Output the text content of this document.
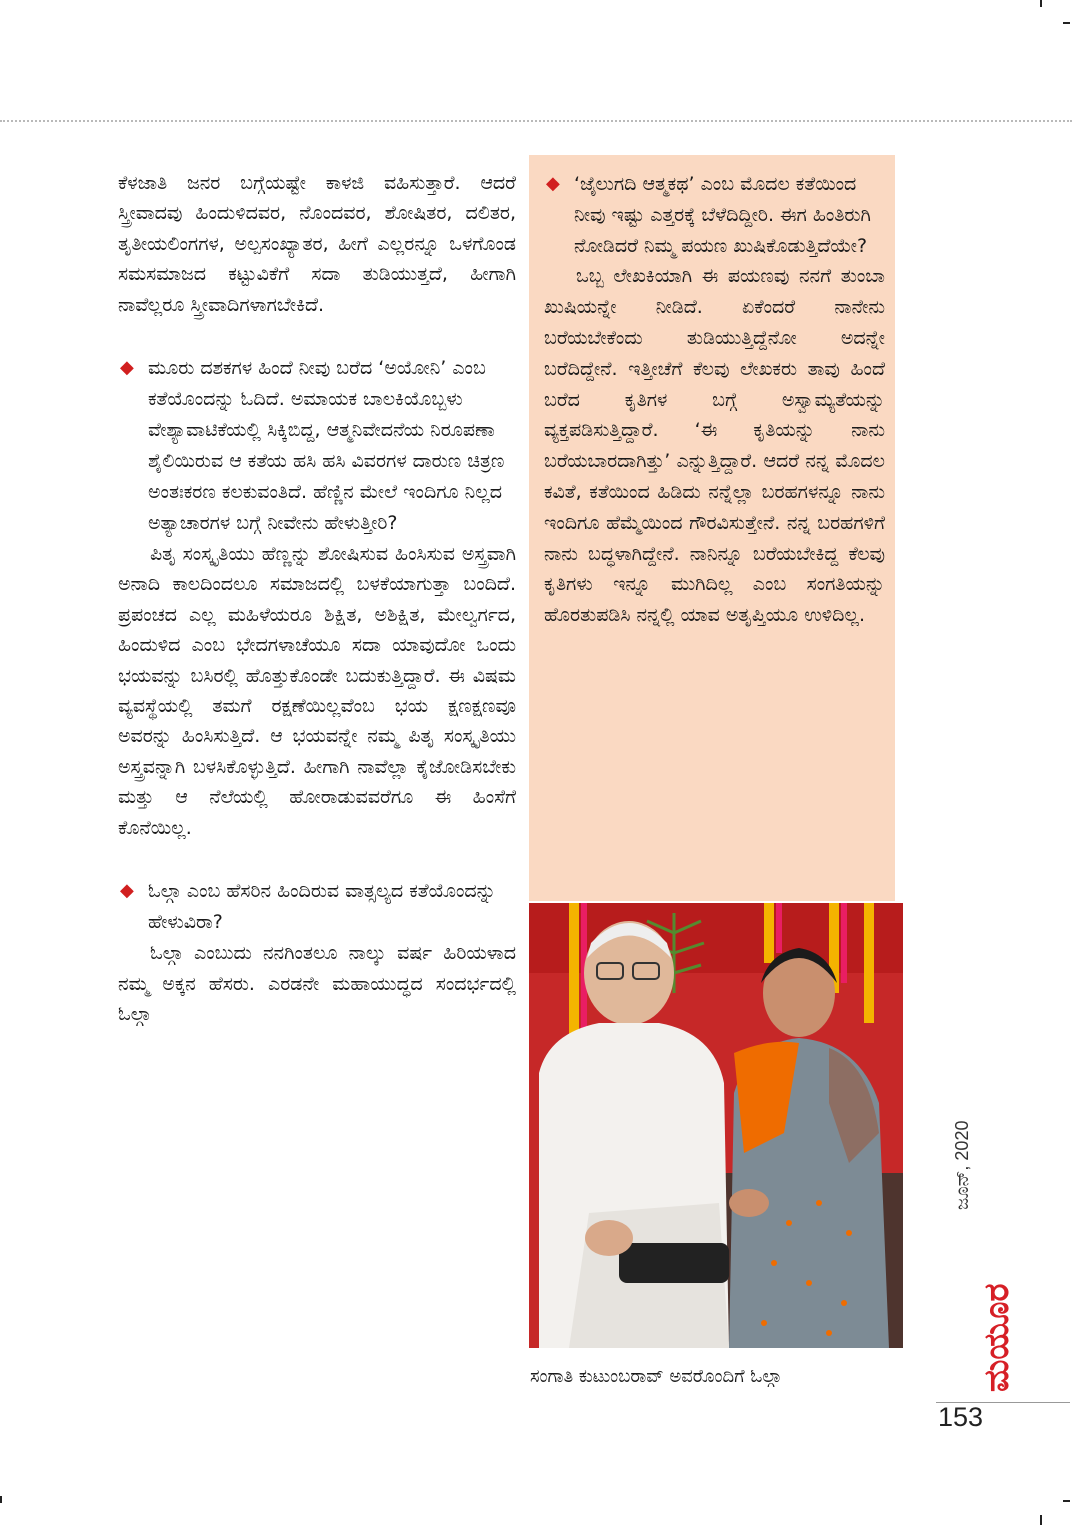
ಕೆಳಜಾತಿ ಜನರ ಬಗ್ಗೆಯಷ್ಟೇ ಕಾಳಜಿ ವಹಿಸುತ್ತಾರೆ. ಆದರೆ ಸ್ತ್ರೀವಾದವು ಹಿಂದುಳಿದವರ, ನೊಂದವರ, ಶೋಷಿತರ, ದಲಿತರ, ತೃತೀಯಲಿಂಗಗಳ, ಅಲ್ಪಸಂಖ್ಯಾತರ, ಹೀಗೆ ಎಲ್ಲರನ್ನೂ ಒಳಗೊಂಡ ಸಮಸಮಾಜದ ಕಟ್ಟುವಿಕೆಗೆ ಸದಾ ತುಡಿಯುತ್ತದೆ, ಹೀಗಾಗಿ ನಾವೆಲ್ಲರೂ ಸ್ತ್ರೀವಾದಿಗಳಾಗಬೇಕಿದೆ.

◆ ಮೂರು ದಶಕಗಳ ಹಿಂದೆ ನೀವು ಬರೆದ ‘ಅಯೋನಿ’ ಎಂಬ ಕತೆಯೊಂದನ್ನು ಓದಿದೆ. ಅಮಾಯಕ ಬಾಲಕಿಯೊಬ್ಬಳು ವೇಶ್ಯಾವಾಟಿಕೆಯಲ್ಲಿ ಸಿಕ್ಕಿಬಿದ್ದ, ಆತ್ಮನಿವೇದನೆಯ ನಿರೂಪಣಾ ಶೈಲಿಯಿರುವ ಆ ಕತೆಯ ಹಸಿ ಹಸಿ ವಿವರಗಳ ದಾರುಣ ಚಿತ್ರಣ ಅಂತಃಕರಣ ಕಲಕುವಂತಿದೆ. ಹೆಣ್ಣಿನ ಮೇಲೆ ಇಂದಿಗೂ ನಿಲ್ಲದ ಅತ್ಯಾಚಾರಗಳ ಬಗ್ಗೆ ನೀವೇನು ಹೇಳುತ್ತೀರಿ?

ಪಿತೃ ಸಂಸ್ಕೃತಿಯು ಹೆಣ್ಣನ್ನು ಶೋಷಿಸುವ ಹಿಂಸಿಸುವ ಅಸ್ತ್ರವಾಗಿ ಅನಾದಿ ಕಾಲದಿಂದಲೂ ಸಮಾಜದಲ್ಲಿ ಬಳಕೆಯಾಗುತ್ತಾ ಬಂದಿದೆ. ಪ್ರಪಂಚದ ಎಲ್ಲ ಮಹಿಳೆಯರೂ ಶಿಕ್ಷಿತ, ಅಶಿಕ್ಷಿತ, ಮೇಲ್ವರ್ಗದ, ಹಿಂದುಳಿದ ಎಂಬ ಭೇದಗಳಾಚೆಯೂ ಸದಾ ಯಾವುದೋ ಒಂದು ಭಯವನ್ನು ಬಸಿರಲ್ಲಿ ಹೊತ್ತುಕೊಂಡೇ ಬದುಕುತ್ತಿದ್ದಾರೆ. ಈ ವಿಷಮ ವ್ಯವಸ್ಥೆಯಲ್ಲಿ ತಮಗೆ ರಕ್ಷಣೆಯಿಲ್ಲವೆಂಬ ಭಯ ಕ್ಷಣಕ್ಷಣವೂ ಅವರನ್ನು ಹಿಂಸಿಸುತ್ತಿದೆ. ಆ ಭಯವನ್ನೇ ನಮ್ಮ ಪಿತೃ ಸಂಸ್ಕೃತಿಯು ಅಸ್ತ್ರವನ್ನಾಗಿ ಬಳಸಿಕೊಳ್ಳುತ್ತಿದೆ. ಹೀಗಾಗಿ ನಾವೆಲ್ಲಾ ಕೈಜೋಡಿಸಬೇಕು ಮತ್ತು ಆ ನೆಲೆಯಲ್ಲಿ ಹೋರಾಡುವವರೆಗೂ ಈ ಹಿಂಸೆಗೆ ಕೊನೆಯಿಲ್ಲ.

◆ ಓಲ್ಗಾ ಎಂಬ ಹೆಸರಿನ ಹಿಂದಿರುವ ವಾತ್ಸಲ್ಯದ ಕತೆಯೊಂದನ್ನು ಹೇಳುವಿರಾ?

ಓಲ್ಗಾ ಎಂಬುದು ನನಗಿಂತಲೂ ನಾಲ್ಕು ವರ್ಷ ಹಿರಿಯಳಾದ ನಮ್ಮ ಅಕ್ಕನ ಹೆಸರು. ಎರಡನೇ ಮಹಾಯುದ್ಧದ ಸಂದರ್ಭದಲ್ಲಿ ಓಲ್ಗಾ

◆ ‘ಜೈಲುಗದಿ ಆತ್ಮಕಥ’ ಎಂಬ ಮೊದಲ ಕತೆಯಿಂದ ನೀವು ಇಷ್ಟು ಎತ್ತರಕ್ಕೆ ಬೆಳೆದಿದ್ದೀರಿ. ಈಗ ಹಿಂತಿರುಗಿ ನೋಡಿದರೆ ನಿಮ್ಮ ಪಯಣ ಖುಷಿಕೊಡುತ್ತಿದೆಯೇ?

ಒಬ್ಬ ಲೇಖಕಿಯಾಗಿ ಈ ಪಯಣವು ನನಗೆ ತುಂಬಾ ಖುಷಿಯನ್ನೇ ನೀಡಿದೆ. ಏಕೆಂದರೆ ನಾನೇನು ಬರೆಯಬೇಕೆಂದು ತುಡಿಯುತ್ತಿದ್ದೆನೋ ಅದನ್ನೇ ಬರೆದಿದ್ದೇನೆ. ಇತ್ತೀಚೆಗೆ ಕೆಲವು ಲೇಖಕರು ತಾವು ಹಿಂದೆ ಬರೆದ ಕೃತಿಗಳ ಬಗ್ಗೆ ಅಸ್ವಾಮ್ಯತೆಯನ್ನು ವ್ಯಕ್ತಪಡಿಸುತ್ತಿದ್ದಾರೆ. ‘ಈ ಕೃತಿಯನ್ನು ನಾನು ಬರೆಯಬಾರದಾಗಿತ್ತು’ ಎನ್ನುತ್ತಿದ್ದಾರೆ. ಆದರೆ ನನ್ನ ಮೊದಲ ಕವಿತೆ, ಕತೆಯಿಂದ ಹಿಡಿದು ನನ್ನೆಲ್ಲಾ ಬರಹಗಳನ್ನೂ ನಾನು ಇಂದಿಗೂ ಹೆಮ್ಮೆಯಿಂದ ಗೌರವಿಸುತ್ತೇನೆ. ನನ್ನ ಬರಹಗಳಿಗೆ ನಾನು ಬದ್ಧಳಾಗಿದ್ದೇನೆ. ನಾನಿನ್ನೂ ಬರೆಯಬೇಕಿದ್ದ ಕೆಲವು ಕೃತಿಗಳು ಇನ್ನೂ ಮುಗಿದಿಲ್ಲ ಎಂಬ ಸಂಗತಿಯನ್ನು ಹೊರತುಪಡಿಸಿ ನನ್ನಲ್ಲಿ ಯಾವ ಅತೃಪ್ತಿಯೂ ಉಳಿದಿಲ್ಲ.

ಸಂಗಾತಿ ಕುಟುಂಬರಾವ್ ಅವರೊಂದಿಗೆ ಓಲ್ಗಾ
ಜೂನ್, 2020
ಮಯೂರ
153
